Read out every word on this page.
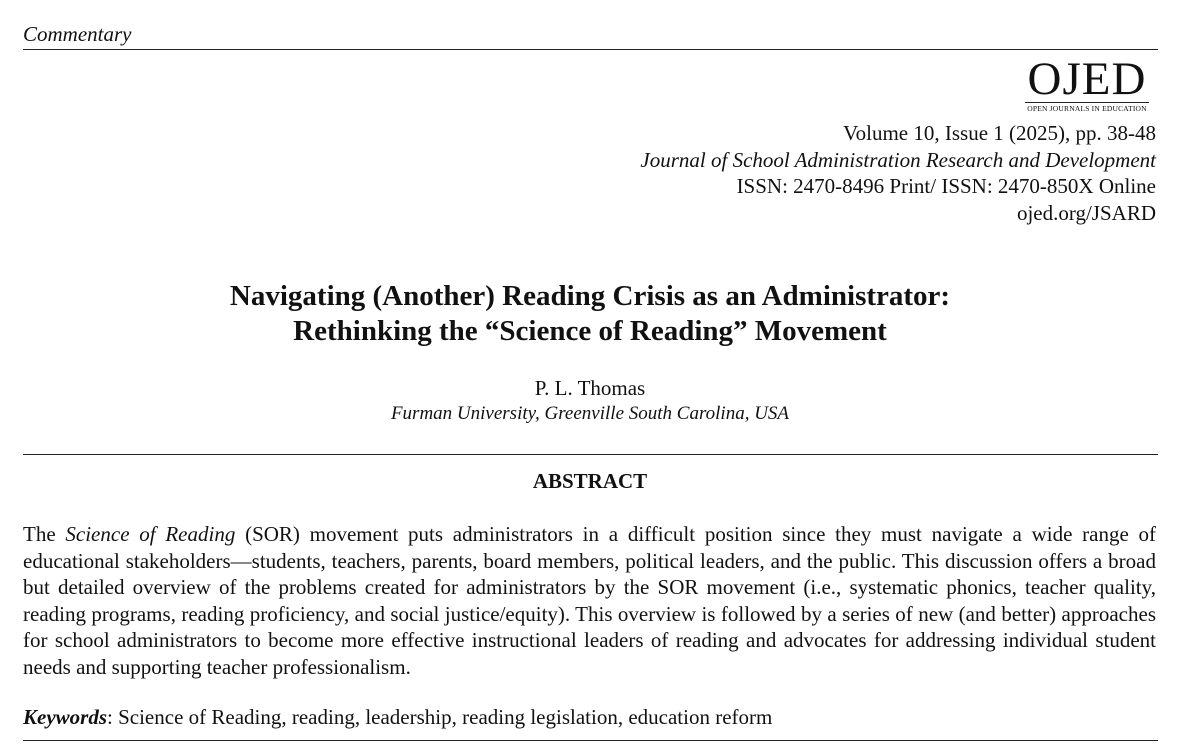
Commentary
OJED
OPEN JOURNALS IN EDUCATION
Volume 10, Issue 1 (2025), pp. 38-48
Journal of School Administration Research and Development
ISSN: 2470-8496 Print/ ISSN: 2470-850X Online
ojed.org/JSARD
Navigating (Another) Reading Crisis as an Administrator:
Rethinking the “Science of Reading” Movement
P. L. Thomas
Furman University, Greenville South Carolina, USA
ABSTRACT
The Science of Reading (SOR) movement puts administrators in a difficult position since they must navigate a wide range of educational stakeholders—students, teachers, parents, board members, political leaders, and the public. This discussion offers a broad but detailed overview of the problems created for administrators by the SOR movement (i.e., systematic phonics, teacher quality, reading programs, reading proficiency, and social justice/equity). This overview is followed by a series of new (and better) approaches for school administrators to become more effective instructional leaders of reading and advocates for addressing individual student needs and supporting teacher professionalism.
Keywords: Science of Reading, reading, leadership, reading legislation, education reform
